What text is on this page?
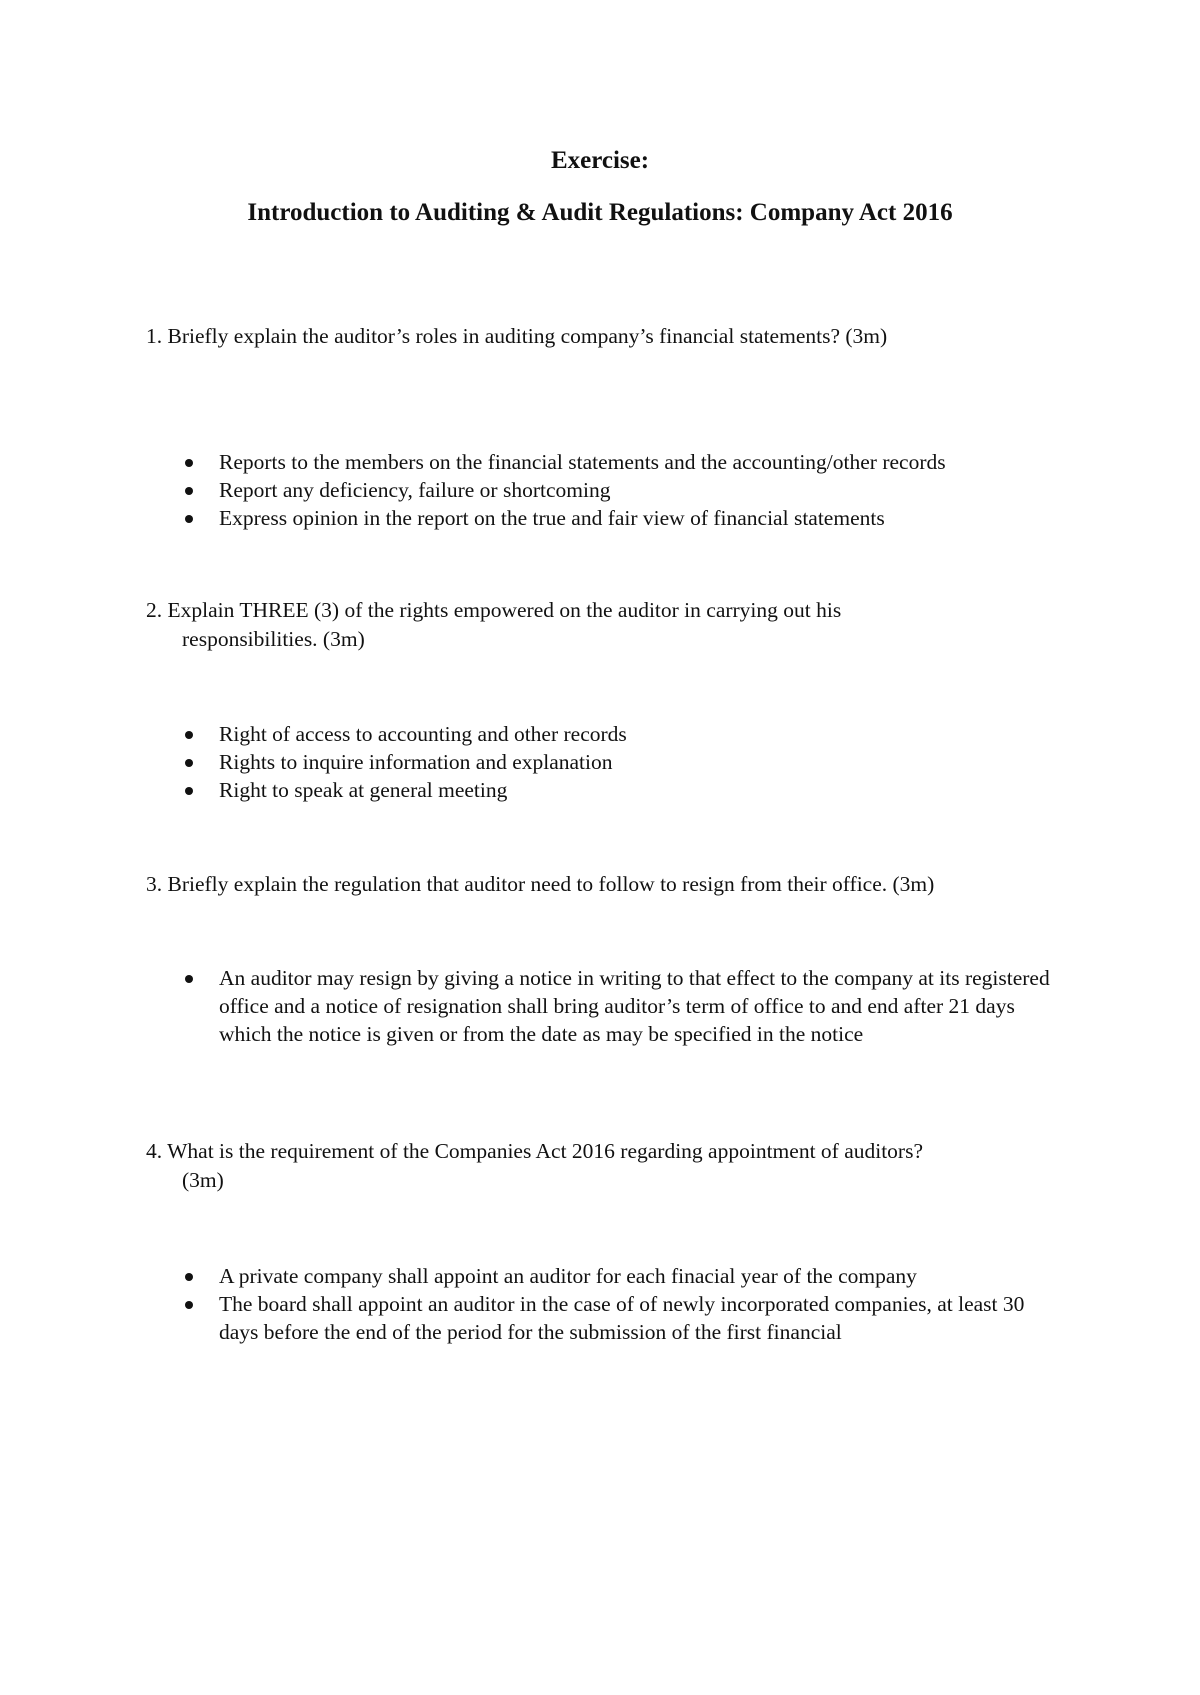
Exercise:
Introduction to Auditing & Audit Regulations: Company Act 2016
1. Briefly explain the auditor’s roles in auditing company’s financial statements? (3m)
Reports to the members on the financial statements and the accounting/other records
Report any deficiency, failure or shortcoming
Express opinion in the report on the true and fair view of financial statements
2. Explain THREE (3) of the rights empowered on the auditor in carrying out his
responsibilities. (3m)
Right of access to accounting and other records
Rights to inquire information and explanation
Right to speak at general meeting
3. Briefly explain the regulation that auditor need to follow to resign from their office. (3m)
An auditor may resign by giving a notice in writing to that effect to the company at its registered office and a notice of resignation shall bring auditor’s term of office to and end after 21 days which the notice is given or from the date as may be specified in the notice
4. What is the requirement of the Companies Act 2016 regarding appointment of auditors?
(3m)
A private company shall appoint an auditor for each finacial year of the company
The board shall appoint an auditor in the case of of newly incorporated companies, at least 30 days before the end of the period for the submission of the first financial
